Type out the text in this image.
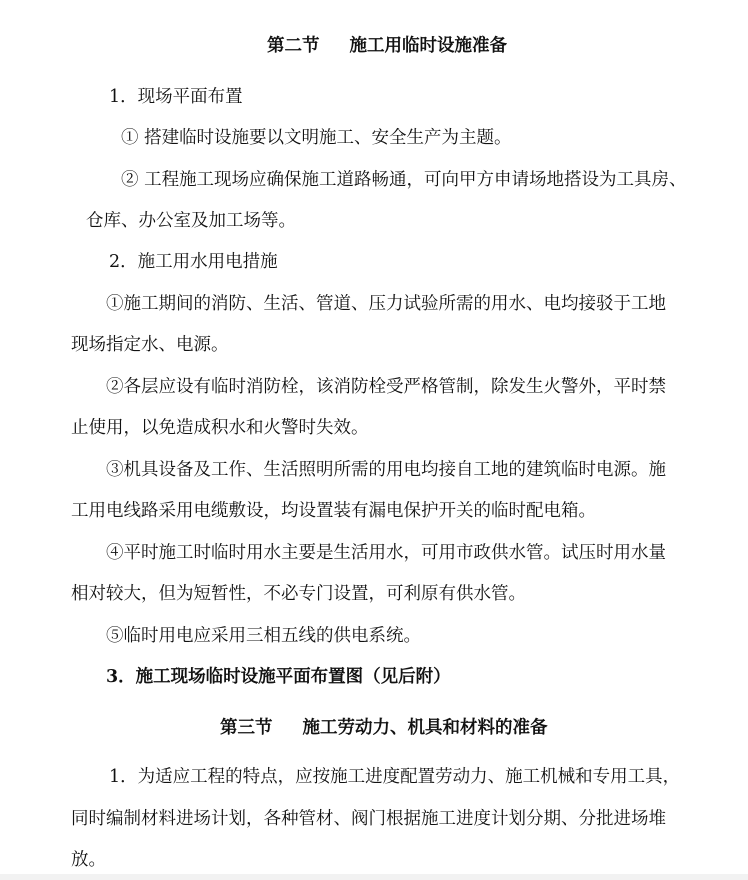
第二节 施工用临时设施准备
1．现场平面布置
① 搭建临时设施要以文明施工、安全生产为主题。
② 工程施工现场应确保施工道路畅通，可向甲方申请场地搭设为工具房、
仓库、办公室及加工场等。
2．施工用水用电措施
①施工期间的消防、生活、管道、压力试验所需的用水、电均接驳于工地
现场指定水、电源。
②各层应设有临时消防栓，该消防栓受严格管制，除发生火警外，平时禁
止使用，以免造成积水和火警时失效。
③机具设备及工作、生活照明所需的用电均接自工地的建筑临时电源。施
工用电线路采用电缆敷设，均设置装有漏电保护开关的临时配电箱。
④平时施工时临时用水主要是生活用水，可用市政供水管。试压时用水量
相对较大，但为短暂性，不必专门设置，可利原有供水管。
⑤临时用电应采用三相五线的供电系统。
3．施工现场临时设施平面布置图（见后附）
第三节 施工劳动力、机具和材料的准备
1．为适应工程的特点，应按施工进度配置劳动力、施工机械和专用工具，
同时编制材料进场计划，各种管材、阀门根据施工进度计划分期、分批进场堆
放。
